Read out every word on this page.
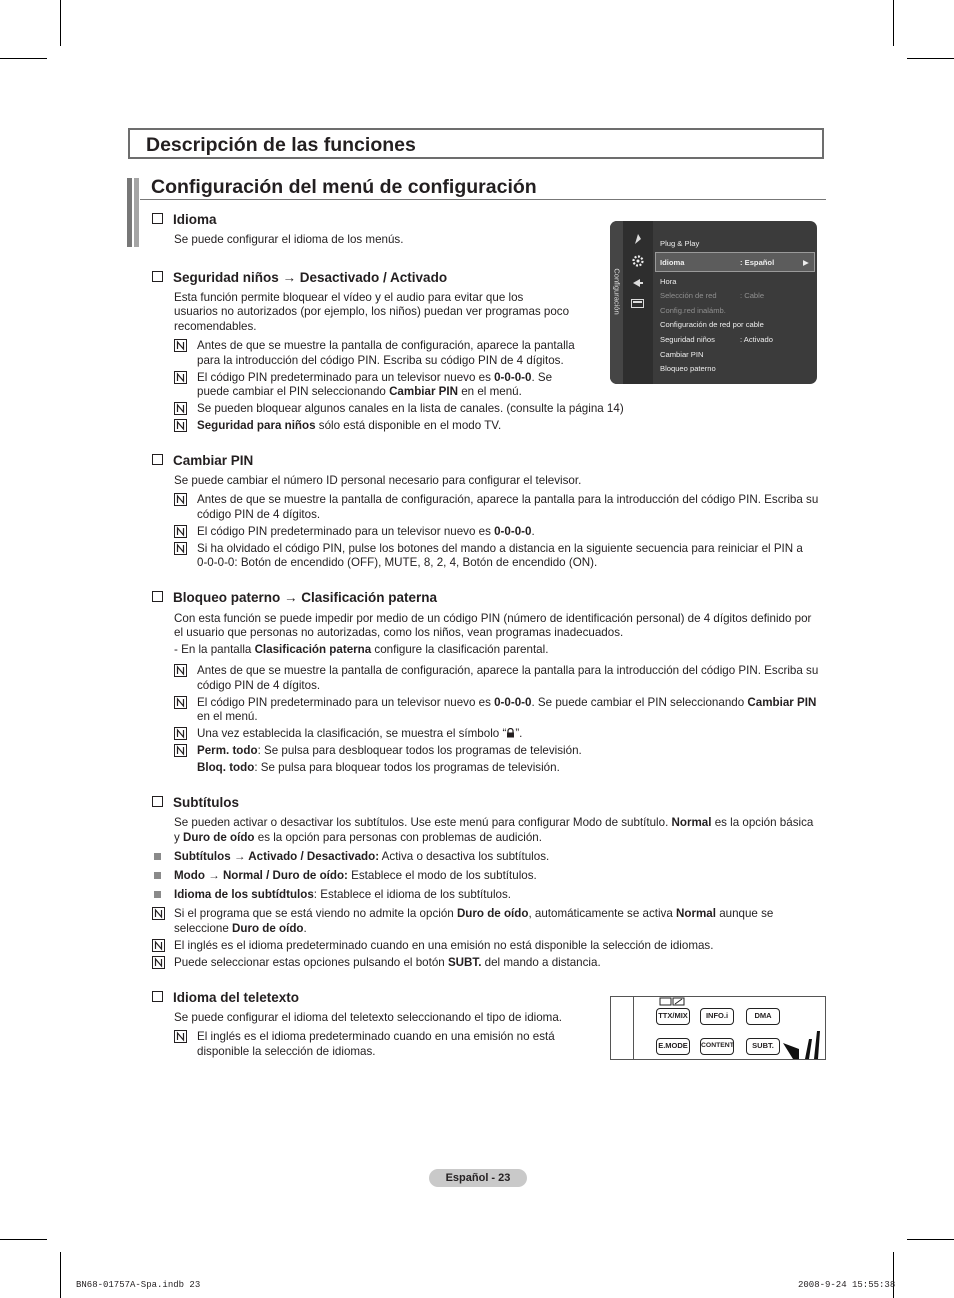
Descripción de las funciones
Configuración del menú de configuración
Idioma
Se puede configurar el idioma de los menús.
Seguridad niños → Desactivado / Activado
Esta función permite bloquear el vídeo y el audio para evitar que los
usuarios no autorizados (por ejemplo, los niños) puedan ver programas poco
recomendables.
Antes de que se muestre la pantalla de configuración, aparece la pantalla
para la introducción del código PIN. Escriba su código PIN de 4 dígitos.
El código PIN predeterminado para un televisor nuevo es 0-0-0-0. Se
puede cambiar el PIN seleccionando Cambiar PIN en el menú.
Se pueden bloquear algunos canales en la lista de canales. (consulte la página 14)
Seguridad para niños sólo está disponible en el modo TV.
Configuración
Plug & Play
Idioma	: Español	▶
Hora
Selección de red	: Cable
Config.red inalámb.
Configuración de red por cable
Seguridad niños	: Activado
Cambiar PIN
Bloqueo paterno
Cambiar PIN
Se puede cambiar el número ID personal necesario para configurar el televisor.
Antes de que se muestre la pantalla de configuración, aparece la pantalla para la introducción del código PIN. Escriba su
código PIN de 4 dígitos.
El código PIN predeterminado para un televisor nuevo es 0-0-0-0.
Si ha olvidado el código PIN, pulse los botones del mando a distancia en la siguiente secuencia para reiniciar el PIN a
0-0-0-0: Botón de encendido (OFF), MUTE, 8, 2, 4, Botón de encendido (ON).
Bloqueo paterno → Clasificación paterna
Con esta función se puede impedir por medio de un código PIN (número de identificación personal) de 4 dígitos definido por
el usuario que personas no autorizadas, como los niños, vean programas inadecuados.
- En la pantalla Clasificación paterna configure la clasificación parental.
Antes de que se muestre la pantalla de configuración, aparece la pantalla para la introducción del código PIN. Escriba su
código PIN de 4 dígitos.
El código PIN predeterminado para un televisor nuevo es 0-0-0-0. Se puede cambiar el PIN seleccionando Cambiar PIN
en el menú.
Una vez establecida la clasificación, se muestra el símbolo “ ”.
Perm. todo: Se pulsa para desbloquear todos los programas de televisión.
Bloq. todo: Se pulsa para bloquear todos los programas de televisión.
Subtítulos
Se pueden activar o desactivar los subtítulos. Use este menú para configurar Modo de subtítulo. Normal es la opción básica
y Duro de oído es la opción para personas con problemas de audición.
Subtítulos → Activado / Desactivado: Activa o desactiva los subtítulos.
Modo → Normal / Duro de oído: Establece el modo de los subtítulos.
Idioma de los subtídtulos: Establece el idioma de los subtítulos.
Si el programa que se está viendo no admite la opción Duro de oído, automáticamente se activa Normal aunque se
seleccione Duro de oído.
El inglés es el idioma predeterminado cuando en una emisión no está disponible la selección de idiomas.
Puede seleccionar estas opciones pulsando el botón SUBT. del mando a distancia.
Idioma del teletexto
Se puede configurar el idioma del teletexto seleccionando el tipo de idioma.
El inglés es el idioma predeterminado cuando en una emisión no está
disponible la selección de idiomas.
TTX/MIX	INFO.i	DMA
E.MODE	CONTENT	SUBT.
Español - 23
BN68-01757A-Spa.indb 23	2008-9-24 15:55:38
